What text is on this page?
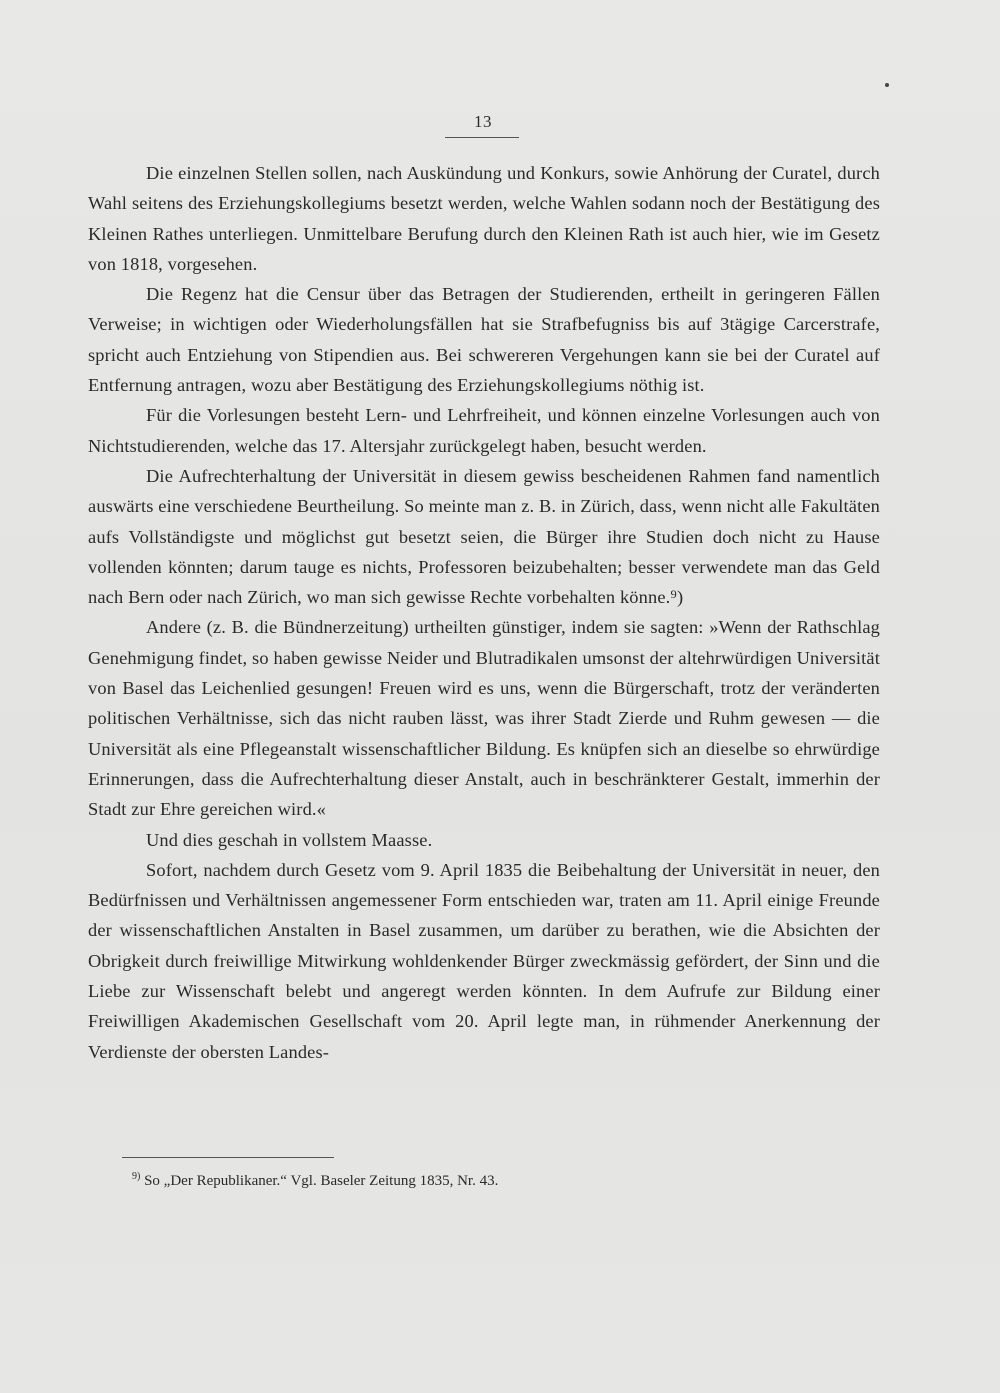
13

Die einzelnen Stellen sollen, nach Auskündung und Konkurs, sowie Anhörung der Curatel, durch Wahl seitens des Erziehungskollegiums besetzt werden, welche Wahlen sodann noch der Bestätigung des Kleinen Rathes unterliegen. Unmittelbare Berufung durch den Kleinen Rath ist auch hier, wie im Gesetz von 1818, vorgesehen.

Die Regenz hat die Censur über das Betragen der Studierenden, ertheilt in geringeren Fällen Verweise; in wichtigen oder Wiederholungsfällen hat sie Strafbefugniss bis auf 3tägige Carcerstrafe, spricht auch Entziehung von Stipendien aus. Bei schwereren Vergehungen kann sie bei der Curatel auf Entfernung antragen, wozu aber Bestätigung des Erziehungskollegiums nöthig ist.

Für die Vorlesungen besteht Lern- und Lehrfreiheit, und können einzelne Vorlesungen auch von Nichtstudierenden, welche das 17. Altersjahr zurückgelegt haben, besucht werden.

Die Aufrechterhaltung der Universität in diesem gewiss bescheidenen Rahmen fand namentlich auswärts eine verschiedene Beurtheilung. So meinte man z. B. in Zürich, dass, wenn nicht alle Fakultäten aufs Vollständigste und möglichst gut besetzt seien, die Bürger ihre Studien doch nicht zu Hause vollenden könnten; darum tauge es nichts, Professoren beizubehalten; besser verwendete man das Geld nach Bern oder nach Zürich, wo man sich gewisse Rechte vorbehalten könne.⁹)

Andere (z. B. die Bündnerzeitung) urtheilten günstiger, indem sie sagten: »Wenn der Rathschlag Genehmigung findet, so haben gewisse Neider und Blutradikalen umsonst der altehrwürdigen Universität von Basel das Leichenlied gesungen! Freuen wird es uns, wenn die Bürgerschaft, trotz der veränderten politischen Verhältnisse, sich das nicht rauben lässt, was ihrer Stadt Zierde und Ruhm gewesen — die Universität als eine Pflegeanstalt wissenschaftlicher Bildung. Es knüpfen sich an dieselbe so ehrwürdige Erinnerungen, dass die Aufrechterhaltung dieser Anstalt, auch in beschränkterer Gestalt, immerhin der Stadt zur Ehre gereichen wird.«

Und dies geschah in vollstem Maasse.

Sofort, nachdem durch Gesetz vom 9. April 1835 die Beibehaltung der Universität in neuer, den Bedürfnissen und Verhältnissen angemessener Form entschieden war, traten am 11. April einige Freunde der wissenschaftlichen Anstalten in Basel zusammen, um darüber zu berathen, wie die Absichten der Obrigkeit durch freiwillige Mitwirkung wohldenkender Bürger zweckmässig gefördert, der Sinn und die Liebe zur Wissenschaft belebt und angeregt werden könnten. In dem Aufrufe zur Bildung einer Freiwilligen Akademischen Gesellschaft vom 20. April legte man, in rühmender Anerkennung der Verdienste der obersten Landes-

$^{9)}$ So „Der Republikaner.“ Vgl. Baseler Zeitung 1835, Nr. 43.
